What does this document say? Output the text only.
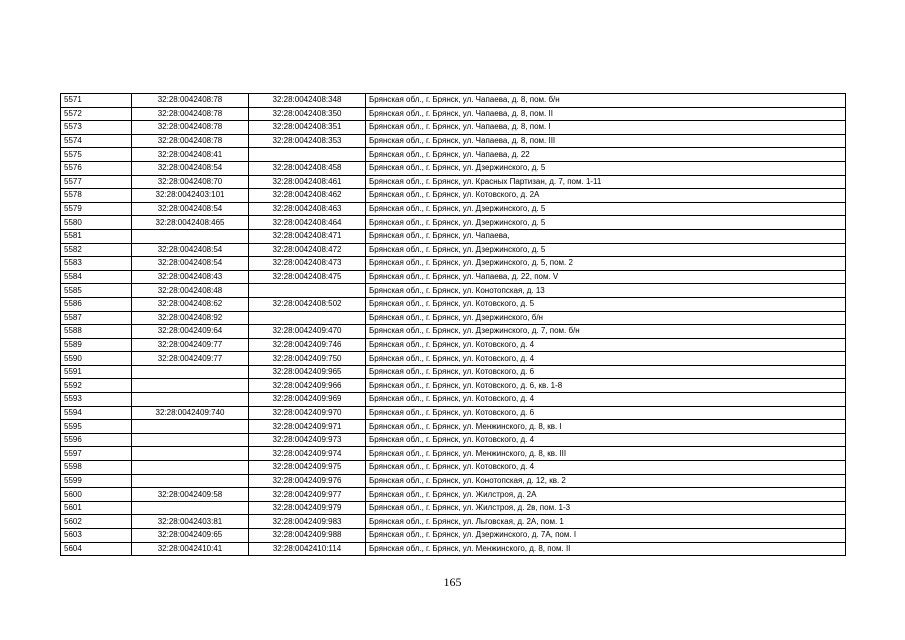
5571	32:28:0042408:78	32:28:0042408:348	Брянская обл., г. Брянск, ул. Чапаева, д. 8, пом. б/н
5572	32:28:0042408:78	32:28:0042408:350	Брянская обл., г. Брянск, ул. Чапаева, д. 8, пом. II
5573	32:28:0042408:78	32:28:0042408:351	Брянская обл., г. Брянск, ул. Чапаева, д. 8, пом. I
5574	32:28:0042408:78	32:28:0042408:353	Брянская обл., г. Брянск, ул. Чапаева, д. 8, пом. III
5575	32:28:0042408:41		Брянская обл., г. Брянск, ул. Чапаева, д. 22
5576	32:28:0042408:54	32:28:0042408:458	Брянская обл., г. Брянск, ул. Дзержинского, д. 5
5577	32:28:0042408:70	32:28:0042408:461	Брянская обл., г. Брянск, ул. Красных Партизан, д. 7, пом. 1-11
5578	32:28:0042403:101	32:28:0042408:462	Брянская обл., г. Брянск, ул. Котовского, д. 2А
5579	32:28:0042408:54	32:28:0042408:463	Брянская обл., г. Брянск, ул. Дзержинского, д. 5
5580	32:28:0042408:465	32:28:0042408:464	Брянская обл., г. Брянск, ул. Дзержинского, д. 5
5581		32:28:0042408:471	Брянская обл., г. Брянск, ул. Чапаева,
5582	32:28:0042408:54	32:28:0042408:472	Брянская обл., г. Брянск, ул. Дзержинского, д. 5
5583	32:28:0042408:54	32:28:0042408:473	Брянская обл., г. Брянск, ул. Дзержинского, д. 5, пом. 2
5584	32:28:0042408:43	32:28:0042408:475	Брянская обл., г. Брянск, ул. Чапаева, д. 22, пом. V
5585	32:28:0042408:48		Брянская обл., г. Брянск, ул. Конотопская, д. 13
5586	32:28:0042408:62	32:28:0042408:502	Брянская обл., г. Брянск, ул. Котовского, д. 5
5587	32:28:0042408:92		Брянская обл., г. Брянск, ул. Дзержинского, б/н
5588	32:28:0042409:64	32:28:0042409:470	Брянская обл., г. Брянск, ул. Дзержинского, д. 7, пом. б/н
5589	32:28:0042409:77	32:28:0042409:746	Брянская обл., г. Брянск, ул. Котовского, д. 4
5590	32:28:0042409:77	32:28:0042409:750	Брянская обл., г. Брянск, ул. Котовского, д. 4
5591		32:28:0042409:965	Брянская обл., г. Брянск, ул. Котовского, д. 6
5592		32:28:0042409:966	Брянская обл., г. Брянск, ул. Котовского, д. 6, кв. 1-8
5593		32:28:0042409:969	Брянская обл., г. Брянск, ул. Котовского, д. 4
5594	32:28:0042409:740	32:28:0042409:970	Брянская обл., г. Брянск, ул. Котовского, д. 6
5595		32:28:0042409:971	Брянская обл., г. Брянск, ул. Менжинского, д. 8, кв. I
5596		32:28:0042409:973	Брянская обл., г. Брянск, ул. Котовского, д. 4
5597		32:28:0042409:974	Брянская обл., г. Брянск, ул. Менжинского, д. 8, кв. III
5598		32:28:0042409:975	Брянская обл., г. Брянск, ул. Котовского, д. 4
5599		32:28:0042409:976	Брянская обл., г. Брянск, ул. Конотопская, д. 12, кв. 2
5600	32:28:0042409:58	32:28:0042409:977	Брянская обл., г. Брянск, ул. Жилстроя, д. 2А
5601		32:28:0042409:979	Брянская обл., г. Брянск, ул. Жилстроя, д. 2в, пом. 1-3
5602	32:28:0042403:81	32:28:0042409:983	Брянская обл., г. Брянск, ул. Льговская, д. 2А, пом. 1
5603	32:28:0042409:65	32:28:0042409:988	Брянская обл., г. Брянск, ул. Дзержинского, д. 7А, пом. I
5604	32:28:0042410:41	32:28:0042410:114	Брянская обл., г. Брянск, ул. Менжинского, д. 8, пом. II
165
